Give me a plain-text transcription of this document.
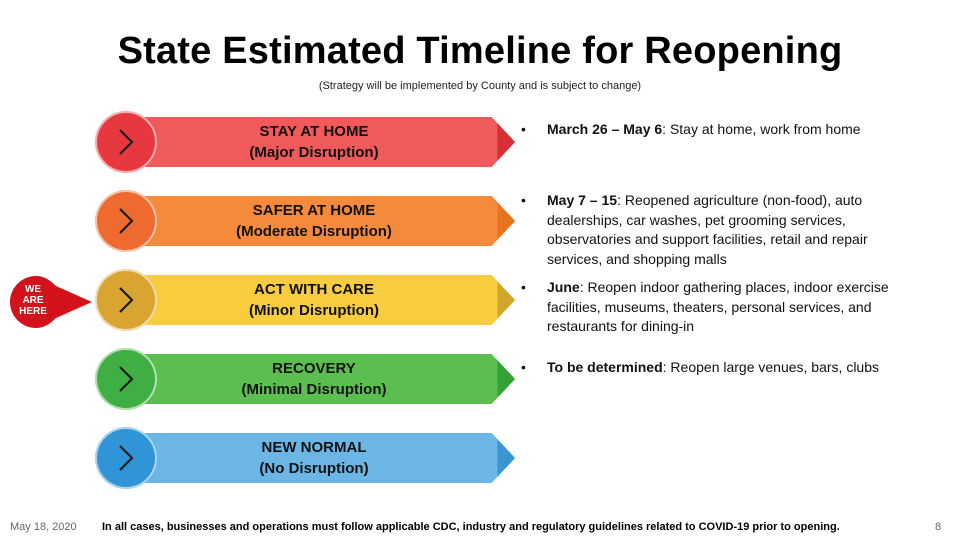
State Estimated Timeline for Reopening
(Strategy will be implemented by County and is subject to change)
STAY AT HOME
(Major Disruption)
SAFER AT HOME
(Moderate Disruption)
ACT WITH CARE
(Minor Disruption)
RECOVERY
(Minimal Disruption)
NEW NORMAL
(No Disruption)
WE
ARE
HERE
•	March 26 – May 6: Stay at home, work from home
•	May 7 – 15: Reopened agriculture (non-food), auto dealerships, car washes, pet grooming services, observatories and support facilities, retail and repair services, and shopping malls
•	June: Reopen indoor gathering places, indoor exercise facilities, museums, theaters, personal services, and restaurants for dining-in
•	To be determined: Reopen large venues, bars, clubs
May 18, 2020 In all cases, businesses and operations must follow applicable CDC, industry and regulatory guidelines related to COVID-19 prior to opening.	8
